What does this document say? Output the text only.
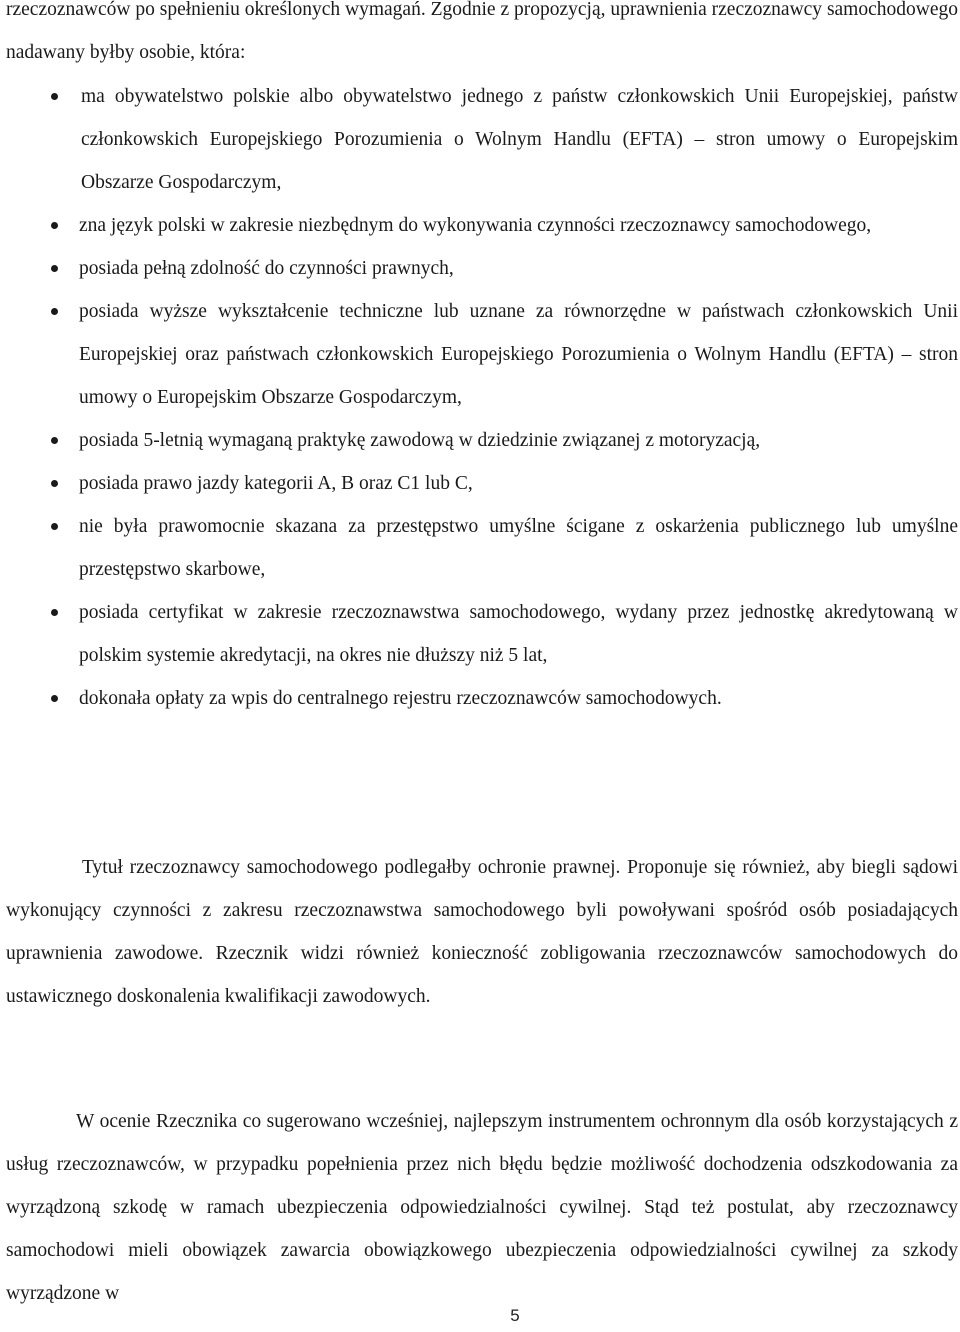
rzeczoznawców po spełnieniu określonych wymagań. Zgodnie z propozycją, uprawnienia rzeczoznawcy samochodowego nadawany byłby osobie, która:

ma obywatelstwo polskie albo obywatelstwo jednego z państw członkowskich Unii Europejskiej, państw członkowskich Europejskiego Porozumienia o Wolnym Handlu (EFTA) – stron umowy o Europejskim Obszarze Gospodarczym,
zna język polski w zakresie niezbędnym do wykonywania czynności rzeczoznawcy samochodowego,
posiada pełną zdolność do czynności prawnych,
posiada wyższe wykształcenie techniczne lub uznane za równorzędne w państwach członkowskich Unii Europejskiej oraz państwach członkowskich Europejskiego Porozumienia o Wolnym Handlu (EFTA) – stron umowy o Europejskim Obszarze Gospodarczym,
posiada 5-letnią wymaganą praktykę zawodową w dziedzinie związanej z motoryzacją,
posiada prawo jazdy kategorii A, B oraz C1 lub C,
nie była prawomocnie skazana za przestępstwo umyślne ścigane z oskarżenia publicznego lub umyślne przestępstwo skarbowe,
posiada certyfikat w zakresie rzeczoznawstwa samochodowego, wydany przez jednostkę akredytowaną w polskim systemie akredytacji, na okres nie dłuższy niż 5 lat,
dokonała opłaty za wpis do centralnego rejestru rzeczoznawców samochodowych.

Tytuł rzeczoznawcy samochodowego podlegałby ochronie prawnej. Proponuje się również, aby biegli sądowi wykonujący czynności z zakresu rzeczoznawstwa samochodowego byli powoływani spośród osób posiadających uprawnienia zawodowe. Rzecznik widzi również konieczność zobligowania rzeczoznawców samochodowych do ustawicznego doskonalenia kwalifikacji zawodowych.

W ocenie Rzecznika co sugerowano wcześniej, najlepszym instrumentem ochronnym dla osób korzystających z usług rzeczoznawców, w przypadku popełnienia przez nich błędu będzie możliwość dochodzenia odszkodowania za wyrządzoną szkodę w ramach ubezpieczenia odpowiedzialności cywilnej. Stąd też postulat, aby rzeczoznawcy samochodowi mieli obowiązek zawarcia obowiązkowego ubezpieczenia odpowiedzialności cywilnej za szkody wyrządzone w

5
